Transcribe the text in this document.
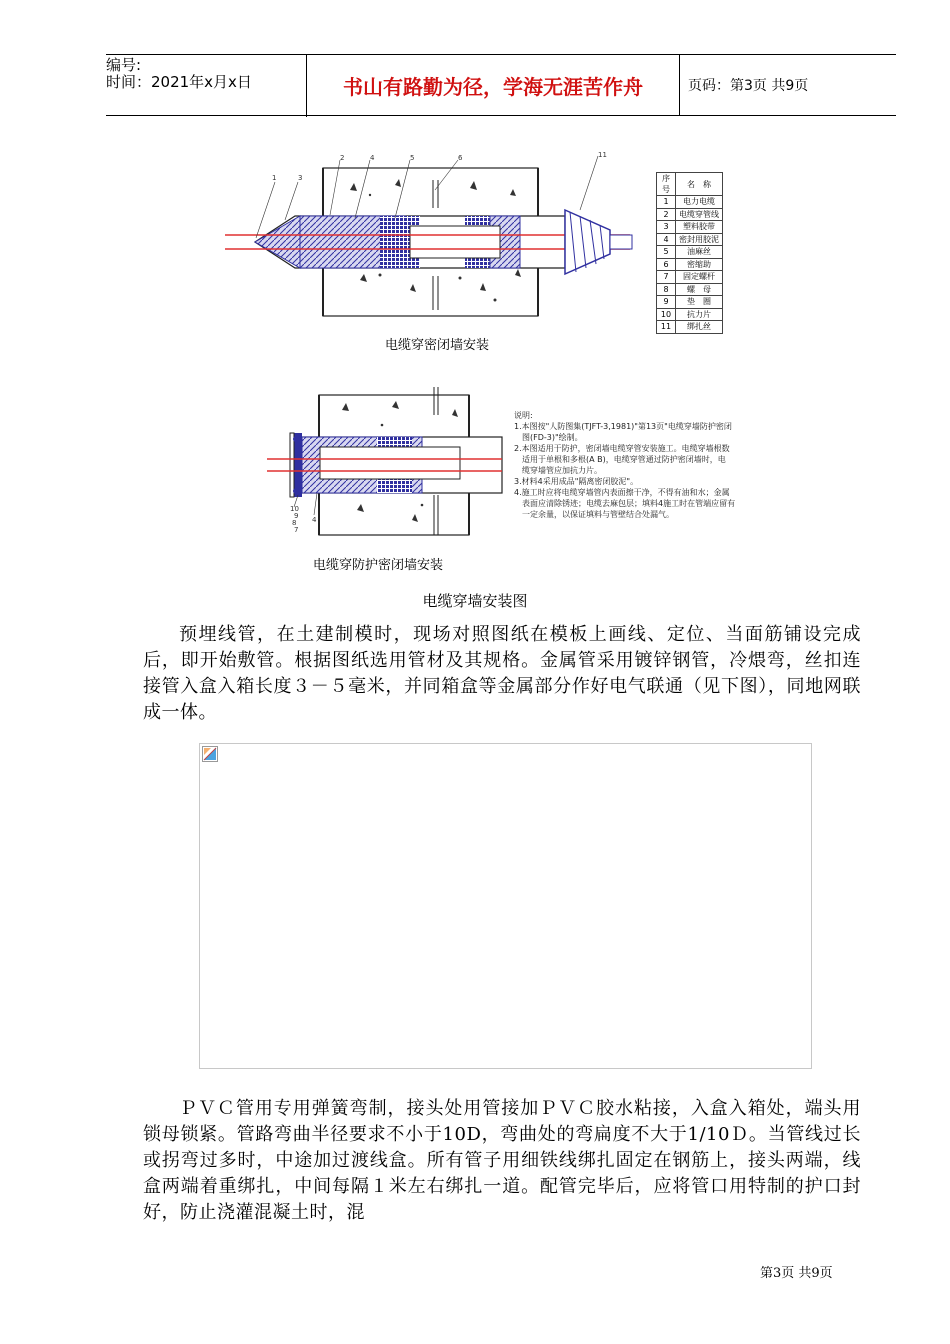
编号:
时间：2021年x月x日	书山有路勤为径，学海无涯苦作舟	页码：第3页 共9页
1	3
2	4	5	6	11
序号	名　称
1	电力电缆
2	电缆穿管线
3	塑料胶带
4	密封用胶泥
5	油麻丝
6	密缩助
7	固定螺杆
8	螺　母
9	垫　圈
10	抗力片
11	绑扎丝
电缆穿密闭墙安装
10
9
8
7
4
说明:
1.本图按"人防图集(TJFT-3,1981)"第13页"电缆穿墙防护密闭
　图(FD-3)"绘制。
2.本图适用于防护，密闭墙电缆穿管安装施工。电缆穿墙根数
　适用于单根和多根(A B)，电缆穿管通过防护密闭墙时，电
　缆穿墙管应加抗力片。
3.材料4采用成品"隔离密闭胶泥"。
4.施工时应将电缆穿墙管内表面擦干净，不得有油和水；金属
　表面应清除锈迹；电缆去麻包层；填料4施工时在管端应留有
　一定余量，以保证填料与管壁结合处漏气。
电缆穿防护密闭墙安装
电缆穿墙安装图

预埋线管，在土建制模时，现场对照图纸在模板上画线、定位、当面筋铺设完成后，即开始敷管。根据图纸选用管材及其规格。金属管采用镀锌钢管，冷煨弯，丝扣连接管入盒入箱长度３－５毫米，并同箱盒等金属部分作好电气联通（见下图），同地网联成一体。

ＰＶＣ管用专用弹簧弯制，接头处用管接加ＰＶＣ胶水粘接，入盒入箱处，端头用锁母锁紧。管路弯曲半径要求不小于10D，弯曲处的弯扁度不大于1/10Ｄ。当管线过长或拐弯过多时，中途加过渡线盒。所有管子用细铁线绑扎固定在钢筋上，接头两端，线盒两端着重绑扎，中间每隔１米左右绑扎一道。配管完毕后，应将管口用特制的护口封好，防止浇灌混凝土时，混

第3页 共9页
